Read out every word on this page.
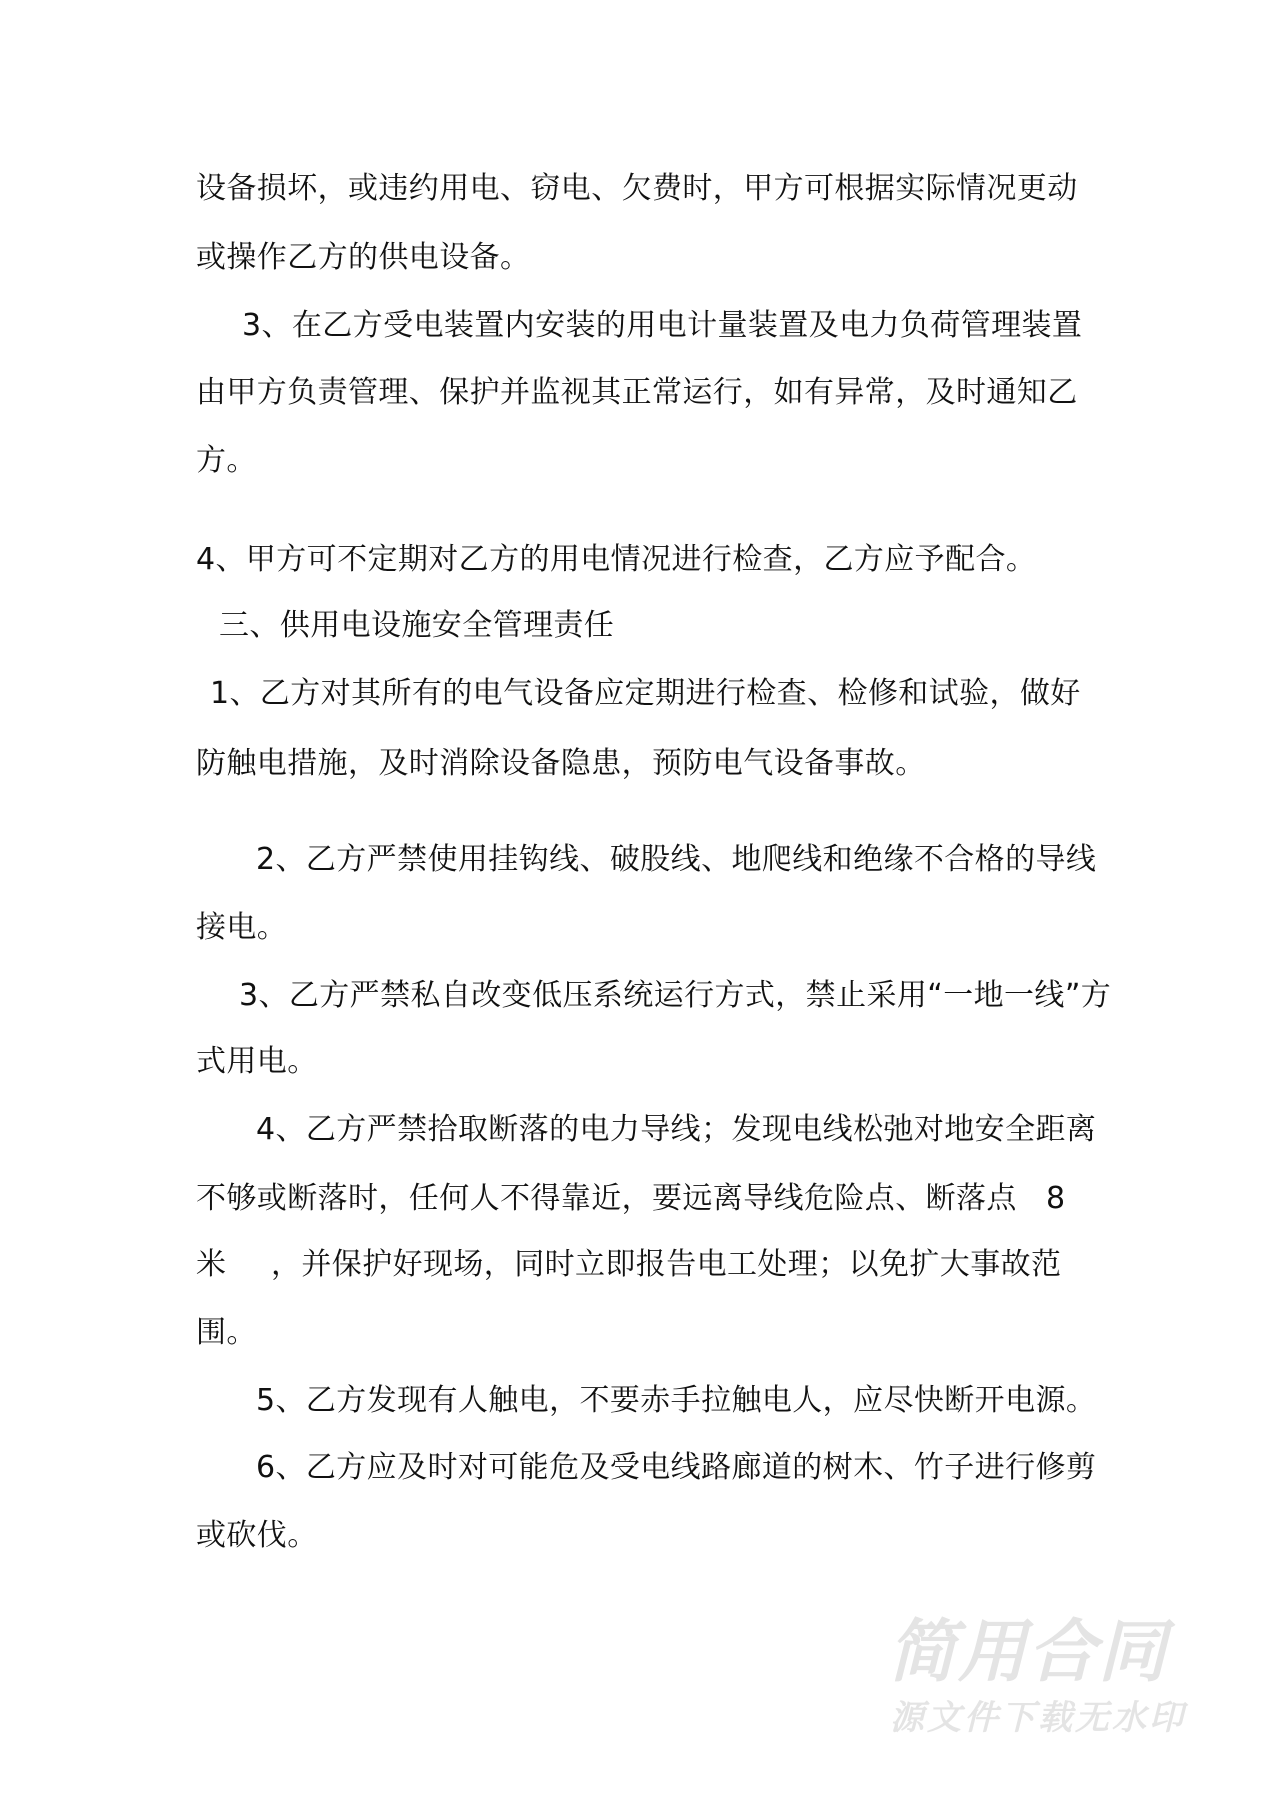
设备损坏，或违约用电、窃电、欠费时，甲方可根据实际情况更动
或操作乙方的供电设备。
3、在乙方受电装置内安装的用电计量装置及电力负荷管理装置
由甲方负责管理、保护并监视其正常运行，如有异常，及时通知乙
方。
4、甲方可不定期对乙方的用电情况进行检查，乙方应予配合。
三、供用电设施安全管理责任
1、乙方对其所有的电气设备应定期进行检查、检修和试验，做好
防触电措施，及时消除设备隐患，预防电气设备事故。
2、乙方严禁使用挂钩线、破股线、地爬线和绝缘不合格的导线
接电。
3、乙方严禁私自改变低压系统运行方式，禁止采用“一地一线”方
式用电。
4、乙方严禁拾取断落的电力导线；发现电线松弛对地安全距离
不够或断落时，任何人不得靠近，要远离导线危险点、断落点 8
米 ，并保护好现场，同时立即报告电工处理；以免扩大事故范
围。
5、乙方发现有人触电，不要赤手拉触电人，应尽快断开电源。
6、乙方应及时对可能危及受电线路廊道的树木、竹子进行修剪
或砍伐。
简用合同
源文件下载无水印
